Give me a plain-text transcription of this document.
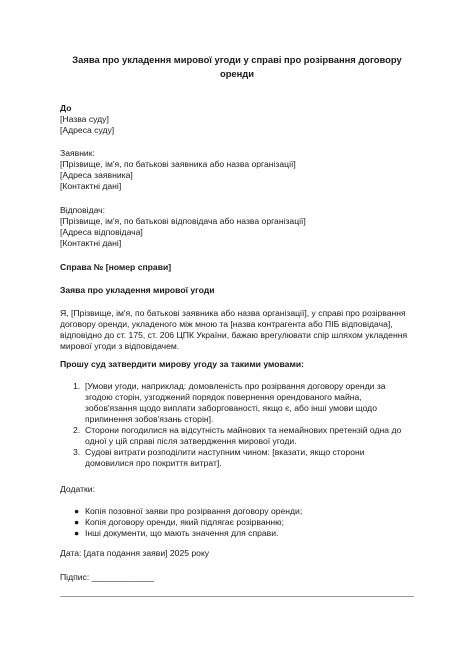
Заява про укладення мирової угоди у справі про розірвання договору оренди
До
[Назва суду]
[Адреса суду]
Заявник:
[Прізвище, ім'я, по батькові заявника або назва організації]
[Адреса заявника]
[Контактні дані]
Відповідач:
[Прізвище, ім'я, по батькові відповідача або назва організації]
[Адреса відповідача]
[Контактні дані]
Справа № [номер справи]
Заява про укладення мирової угоди
Я, [Прізвище, ім'я, по батькові заявника або назва організації], у справі про розірвання договору оренди, укладеного між мною та [назва контрагента або ПІБ відповідача], відповідно до ст. 175, ст. 206 ЦПК України, бажаю врегулювати спір шляхом укладення мирової угоди з відповідачем.
Прошу суд затвердити мирову угоду за такими умовами:
1. [Умови угоди, наприклад: домовленість про розірвання договору оренди за згодою сторін, узгоджений порядок повернення орендованого майна, зобов'язання щодо виплати заборгованості, якщо є, або інші умови щодо припинення зобов'язань сторін].
2. Сторони погодилися на відсутність майнових та немайнових претензій одна до одної у цій справі після затвердження мирової угоди.
3. Судові витрати розподілити наступним чином: [вказати, якщо сторони домовилися про покриття витрат].
Додатки:
● Копія позовної заяви про розірвання договору оренди;
● Копія договору оренди, який підлягає розірванню;
● Інші документи, що мають значення для справи.
Дата: [дата подання заяви] 2025 року
Підпис: _____________
